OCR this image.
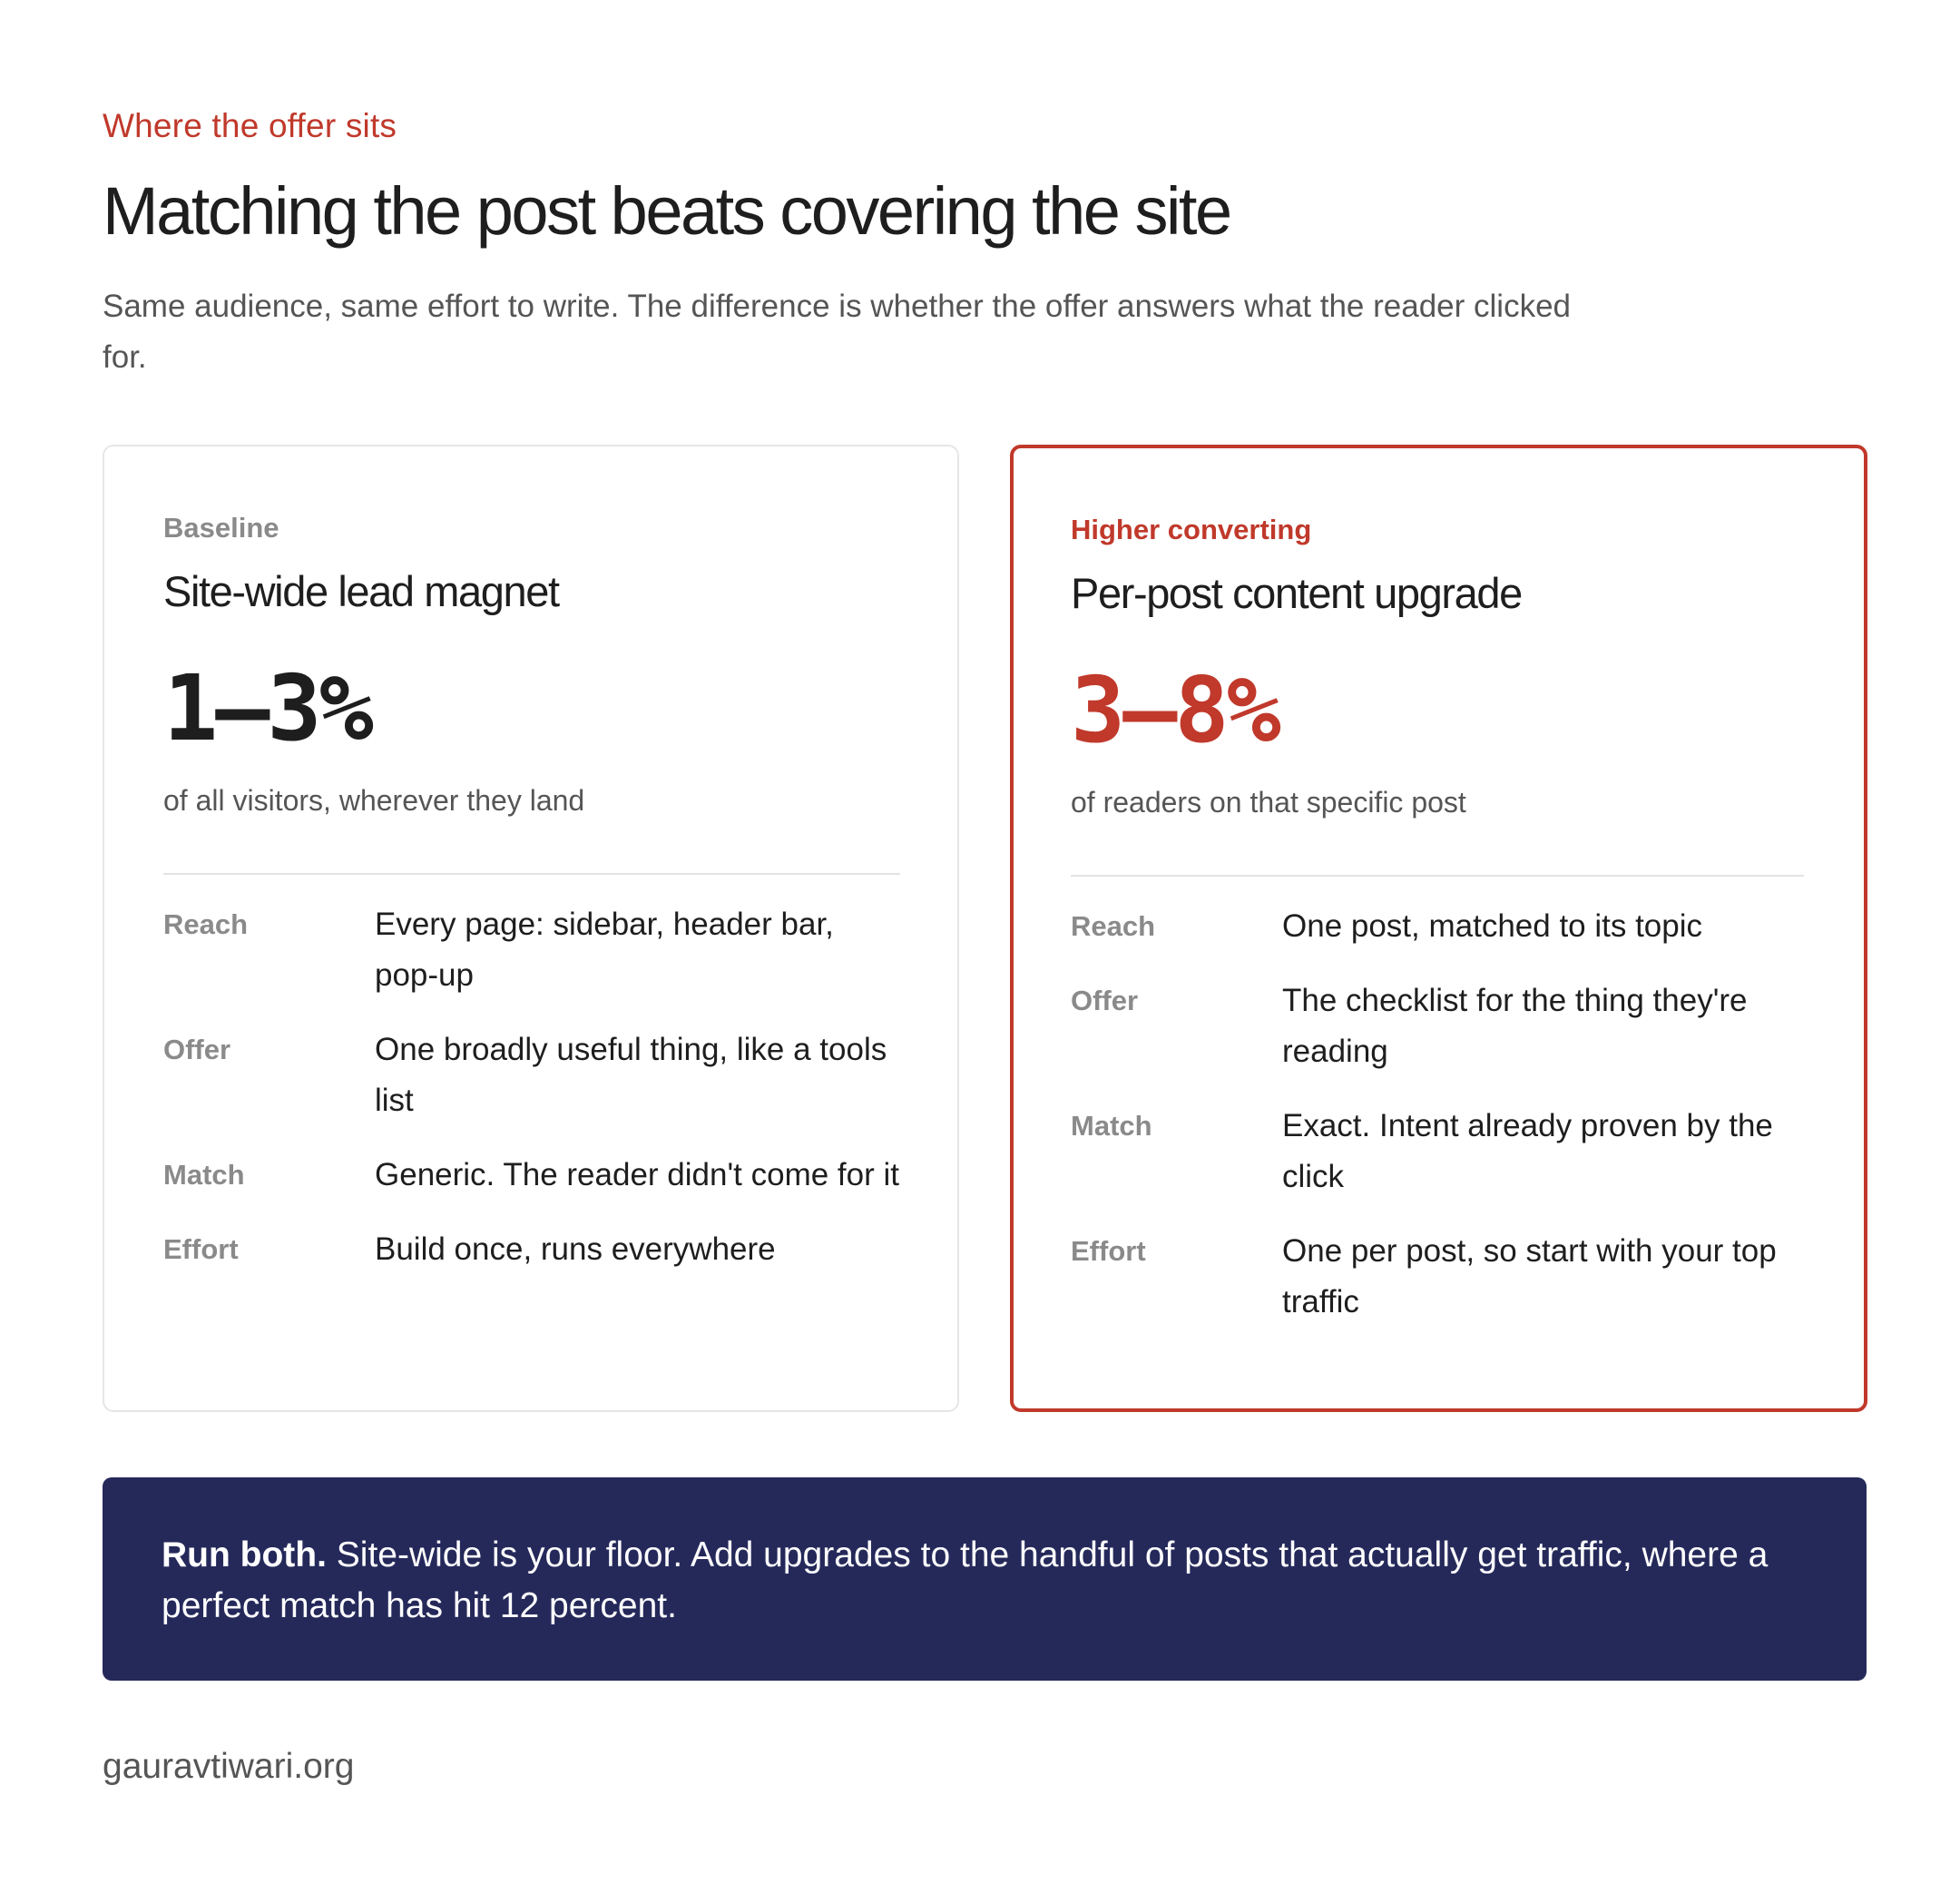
Where the offer sits
Matching the post beats covering the site

Same audience, same effort to write. The difference is whether the offer answers what the reader clicked for.

Baseline
Site-wide lead magnet
1–3%
of all visitors, wherever they land
Reach	Every page: sidebar, header bar, pop-up
Offer	One broadly useful thing, like a tools list
Match	Generic. The reader didn't come for it
Effort	Build once, runs everywhere
Higher converting
Per-post content upgrade
3–8%
of readers on that specific post
Reach	One post, matched to its topic
Offer	The checklist for the thing they're reading
Match	Exact. Intent already proven by the click
Effort	One per post, so start with your top traffic
Run both. Site-wide is your floor. Add upgrades to the handful of posts that actually get traffic, where a perfect match has hit 12 percent.
gauravtiwari.org
